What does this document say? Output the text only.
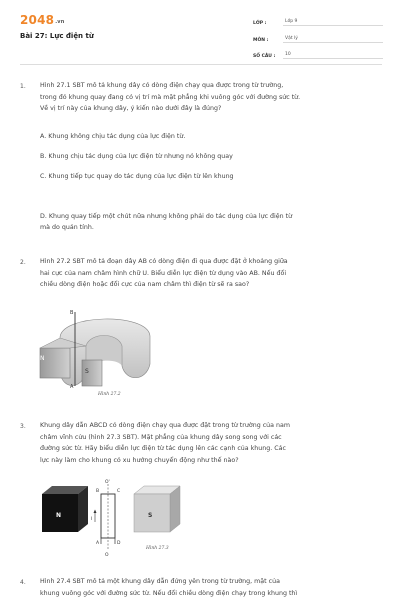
2048.vn
Bài 27: Lực điện từ
LỚP :	Lớp 9
MÔN :	Vật lý
SỐ CÂU :	10
1. Hình 27.1 SBT mô tả khung dây có dòng điện chạy qua được trong từ trường,
trong đó khung quay đang có vị trí mà mặt phẳng khi vuông góc với đường sức từ.
Về vị trí này của khung dây, ý kiến nào dưới đây là đúng?
A. Khung không chịu tác dụng của lực điện từ.
B. Khung chịu tác dụng của lực điện từ nhưng nó không quay
C. Khung tiếp tục quay do tác dụng của lực điện từ lên khung
D. Khung quay tiếp một chút nữa nhưng không phải do tác dụng của lực điện từ
mà do quán tính.
2. Hình 27.2 SBT mô tả đoạn dây AB có dòng điện đi qua được đặt ở khoảng giữa
hai cực của nam châm hình chữ U. Biểu diễn lực điện từ dụng vào AB. Nếu đổi
chiều dòng điện hoặc đổi cực của nam châm thì điện từ sẽ ra sao?
N
S
B
A
Hình 27.2
3. Khung dây dẫn ABCD có dòng điện chạy qua được đặt trong từ trường của nam
châm vĩnh cửu (hình 27.3 SBT). Mặt phẳng của khung dây song song với các
đường sức từ. Hãy biểu diễn lực điện từ tác dụng lên các cạnh của khung. Các
lực này làm cho khung có xu hướng chuyển động như thế nào?
N	S
O'
O
I
B	C
A	D
Hình 27.3
4. Hình 27.4 SBT mô tả một khung dây dẫn đứng yên trong từ trường, mặt của
khung vuông góc với đường sức từ. Nếu đổi chiều dòng điện chạy trong khung thì
